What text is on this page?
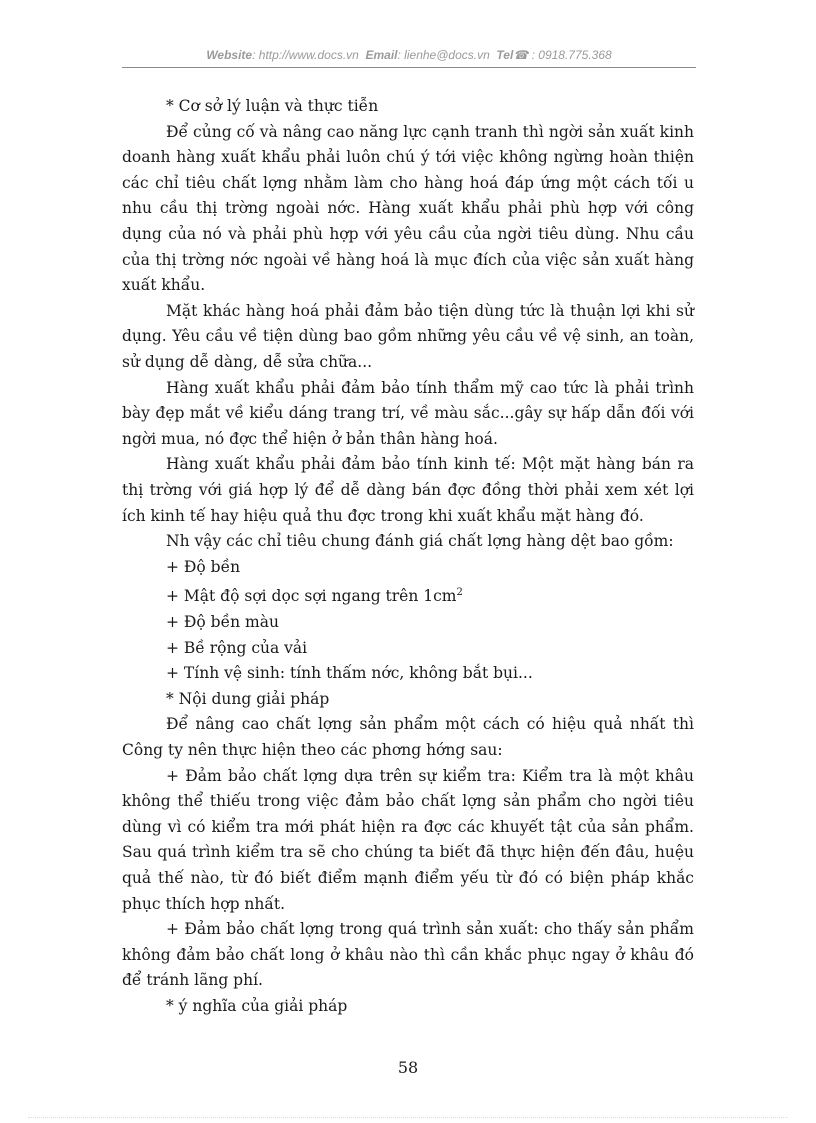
Website: http://www.docs.vn Email: lienhe@docs.vn Tel☎ : 0918.775.368

* Cơ sở lý luận và thực tiễn

Để củng cố và nâng cao năng lực cạnh tranh thì ngời sản xuất kinh doanh hàng xuất khẩu phải luôn chú ý tới việc không ngừng hoàn thiện các chỉ tiêu chất lợng nhằm làm cho hàng hoá đáp ứng một cách tối u nhu cầu thị trờng ngoài nớc. Hàng xuất khẩu phải phù hợp với công dụng của nó và phải phù hợp với yêu cầu của ngời tiêu dùng. Nhu cầu của thị trờng nớc ngoài về hàng hoá là mục đích của việc sản xuất hàng xuất khẩu.

Mặt khác hàng hoá phải đảm bảo tiện dùng tức là thuận lợi khi sử dụng. Yêu cầu về tiện dùng bao gồm những yêu cầu về vệ sinh, an toàn, sử dụng dễ dàng, dễ sửa chữa...

Hàng xuất khẩu phải đảm bảo tính thẩm mỹ cao tức là phải trình bày đẹp mắt về kiểu dáng trang trí, về màu sắc...gây sự hấp dẫn đối với ngời mua, nó đợc thể hiện ở bản thân hàng hoá.

Hàng xuất khẩu phải đảm bảo tính kinh tế: Một mặt hàng bán ra thị trờng với giá hợp lý để dễ dàng bán đợc đồng thời phải xem xét lợi ích kinh tế hay hiệu quả thu đợc trong khi xuất khẩu mặt hàng đó.

Nh vậy các chỉ tiêu chung đánh giá chất lợng hàng dệt bao gồm:

+ Độ bền

+ Mật độ sợi dọc sợi ngang trên $1cm^2$

+ Độ bền màu

+ Bề rộng của vải

+ Tính vệ sinh: tính thấm nớc, không bắt bụi...

* Nội dung giải pháp

Để nâng cao chất lợng sản phẩm một cách có hiệu quả nhất thì Công ty nên thực hiện theo các phơng hớng sau:

+ Đảm bảo chất lợng dựa trên sự kiểm tra: Kiểm tra là một khâu không thể thiếu trong việc đảm bảo chất lợng sản phẩm cho ngời tiêu dùng vì có kiểm tra mới phát hiện ra đợc các khuyết tật của sản phẩm. Sau quá trình kiểm tra sẽ cho chúng ta biết đã thực hiện đến đâu, huệu quả thế nào, từ đó biết điểm mạnh điểm yếu từ đó có biện pháp khắc phục thích hợp nhất.

+ Đảm bảo chất lợng trong quá trình sản xuất: cho thấy sản phẩm không đảm bảo chất long ở khâu nào thì cần khắc phục ngay ở khâu đó để tránh lãng phí.

* ý nghĩa của giải pháp

58
